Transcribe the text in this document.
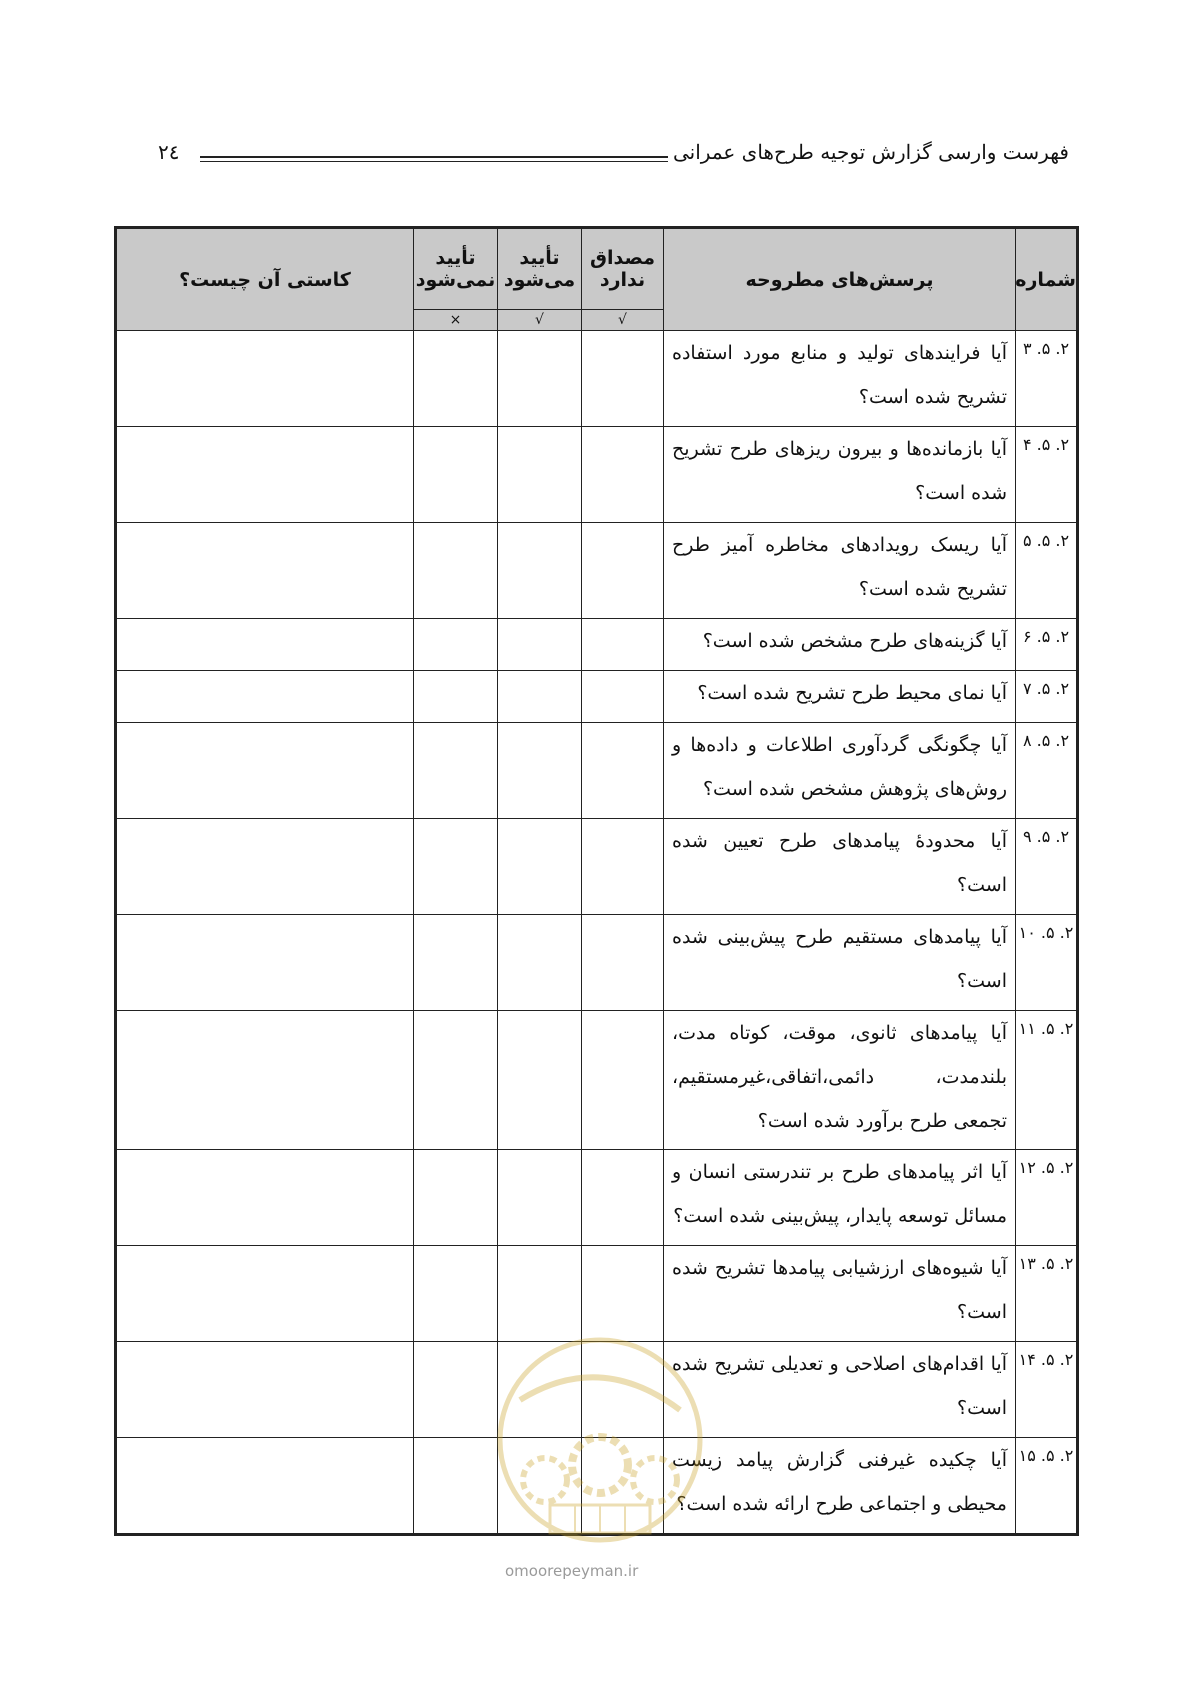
۲٤	فهرست وارسی گزارش توجیه طرح‌های عمرانی
شماره	پرسش‌های مطروحه	مصداق ندارد	تأیید می‌شود	تأیید نمی‌شود	کاستی آن چیست؟
		√	√	×	
۲. ۵. ۳	آیا فرایندهای تولید و منابع مورد استفاده تشریح شده است؟				
۲. ۵. ۴	آیا بازمانده‌ها و بیرون ریزهای طرح تشریح شده است؟				
۲. ۵. ۵	آیا ریسک رویدادهای مخاطره آمیز طرح تشریح شده است؟				
۲. ۵. ۶	آیا گزینه‌های طرح مشخص شده است؟				
۲. ۵. ۷	آیا نمای محیط طرح تشریح شده است؟				
۲. ۵. ۸	آیا چگونگی گردآوری اطلاعات و داده‌ها و روش‌های پژوهش مشخص شده است؟				
۲. ۵. ۹	آیا محدودهٔ پیامدهای طرح تعیین شده است؟				
۲. ۵. ۱۰	آیا پیامدهای مستقیم طرح پیش‌بینی شده است؟				
۲. ۵. ۱۱	آیا پیامدهای ثانوی، موقت، کوتاه مدت، بلندمدت، دائمی،اتفاقی،غیرمستقیم، تجمعی طرح برآورد شده است؟				
۲. ۵. ۱۲	آیا اثر پیامدهای طرح بر تندرستی انسان و مسائل توسعه پایدار، پیش‌بینی شده است؟				
۲. ۵. ۱۳	آیا شیوه‌های ارزشیابی پیامدها تشریح شده است؟				
۲. ۵. ۱۴	آیا اقدام‌های اصلاحی و تعدیلی تشریح شده است؟				
۲. ۵. ۱۵	آیا چکیده غیرفنی گزارش پیامد زیست محیطی و اجتماعی طرح ارائه شده است؟				
omoorepeyman.ir
